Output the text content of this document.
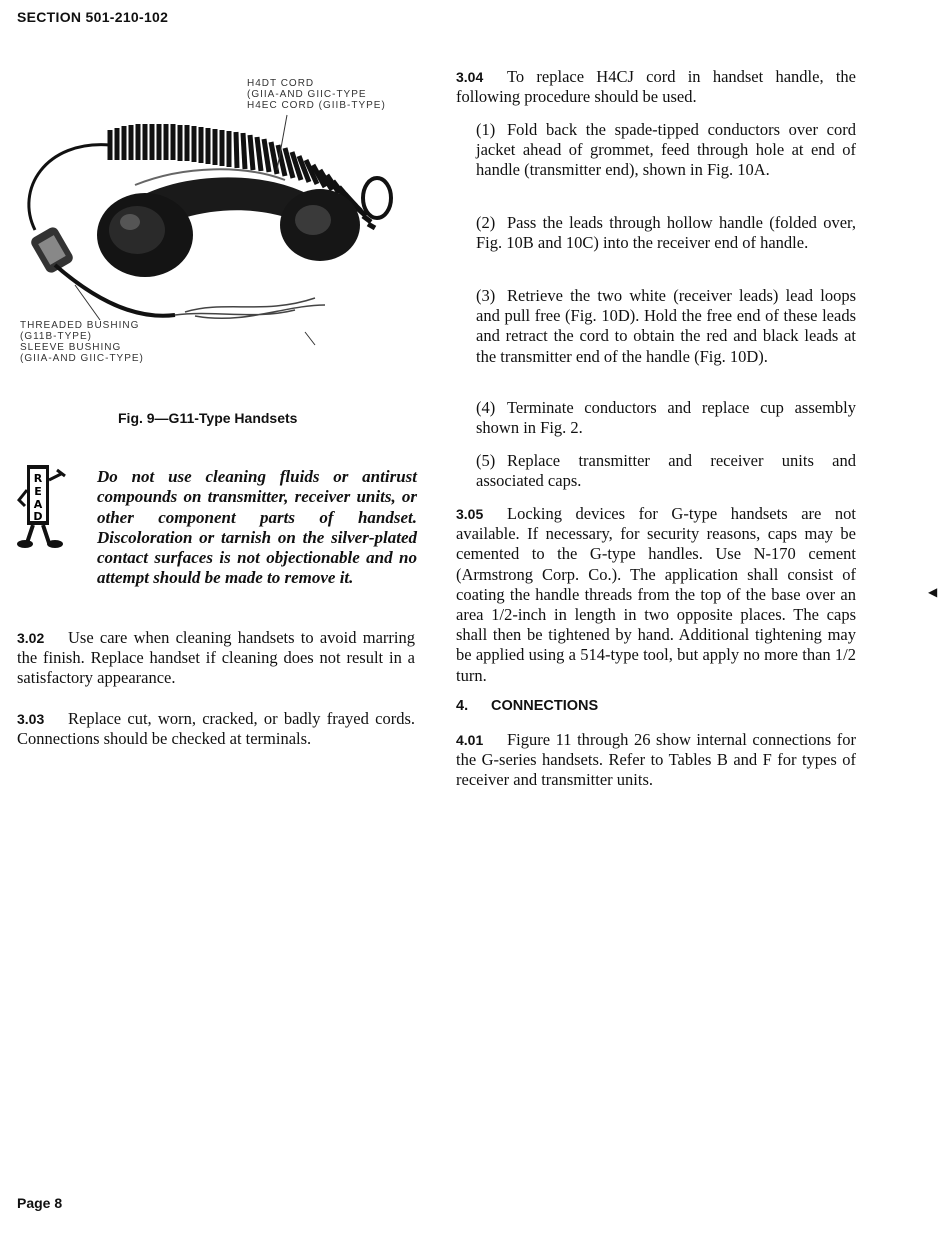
SECTION 501-210-102
H4DT CORD
(GIIA-AND GIIC-TYPE
H4EC CORD (GIIB-TYPE)
THREADED BUSHING
(G11B-TYPE)
SLEEVE BUSHING
(GIIA-AND GIIC-TYPE)
Fig. 9—G11-Type Handsets
R
E
A
D
Do not use cleaning fluids or antirust compounds on transmitter, receiver units, or other component parts of handset. Discoloration or tarnish on the silver-plated contact surfaces is not objectionable and no attempt should be made to remove it.
3.02 Use care when cleaning handsets to avoid marring the finish. Replace handset if cleaning does not result in a satisfactory appearance.
3.03 Replace cut, worn, cracked, or badly frayed cords. Connections should be checked at terminals.
3.04 To replace H4CJ cord in handset handle, the following procedure should be used.
(1) Fold back the spade-tipped conductors over cord jacket ahead of grommet, feed through hole at end of handle (transmitter end), shown in Fig. 10A.
(2) Pass the leads through hollow handle (folded over, Fig. 10B and 10C) into the receiver end of handle.
(3) Retrieve the two white (receiver leads) lead loops and pull free (Fig. 10D). Hold the free end of these leads and retract the cord to obtain the red and black leads at the transmitter end of the handle (Fig. 10D).
(4) Terminate conductors and replace cup assembly shown in Fig. 2.
(5) Replace transmitter and receiver units and associated caps.
3.05 Locking devices for G-type handsets are not available. If necessary, for security reasons, caps may be cemented to the G-type handles. Use N-170 cement (Armstrong Corp. Co.). The application shall consist of coating the handle threads from the top of the base over an area 1/2-inch in length in two opposite places. The caps shall then be tightened by hand. Additional tightening may be applied using a 514-type tool, but apply no more than 1/2 turn.
4. CONNECTIONS
4.01 Figure 11 through 26 show internal connections for the G-series handsets. Refer to Tables B and F for types of receiver and transmitter units.
◀
Page 8
